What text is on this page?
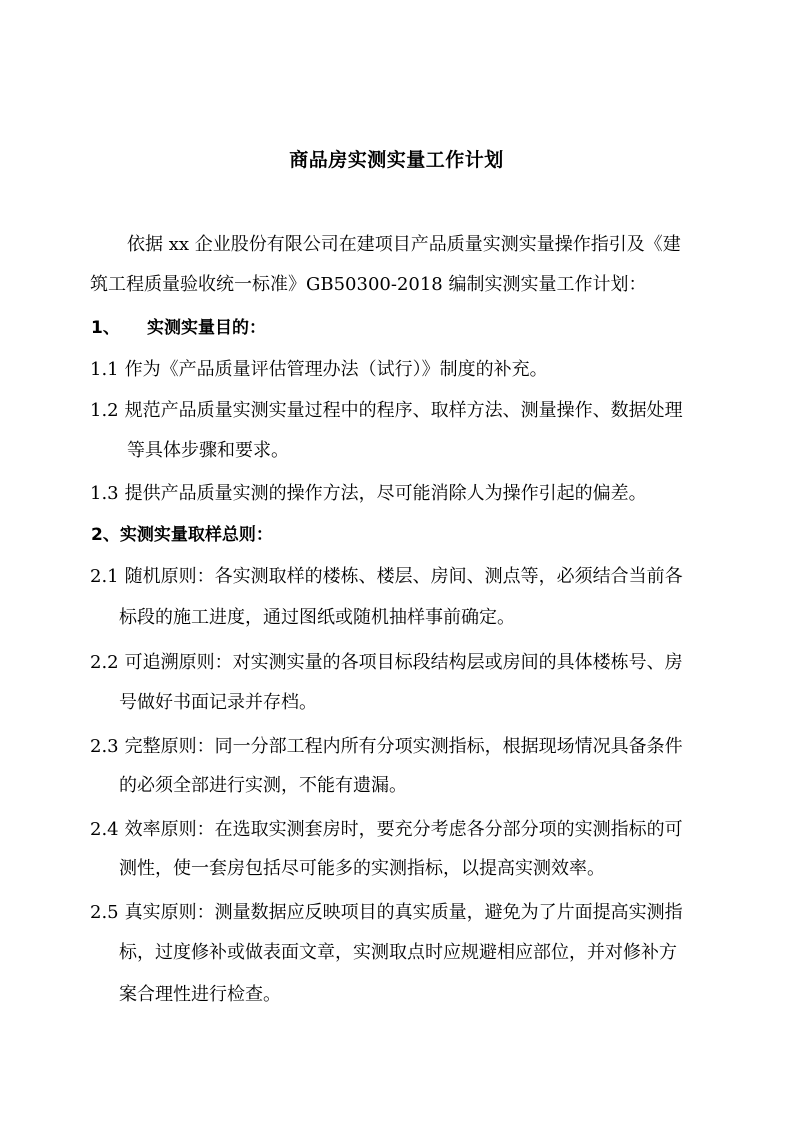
商品房实测实量工作计划
依据 xx 企业股份有限公司在建项目产品质量实测实量操作指引及《建
筑工程质量验收统一标准》GB50300-2018 编制实测实量工作计划：
1、 实测实量目的：
1.1 作为《产品质量评估管理办法（试行）》制度的补充。
1.2 规范产品质量实测实量过程中的程序、取样方法、测量操作、数据处理
等具体步骤和要求。
1.3 提供产品质量实测的操作方法，尽可能消除人为操作引起的偏差。
2、实测实量取样总则：
2.1 随机原则：各实测取样的楼栋、楼层、房间、测点等，必须结合当前各
标段的施工进度，通过图纸或随机抽样事前确定。
2.2 可追溯原则：对实测实量的各项目标段结构层或房间的具体楼栋号、房
号做好书面记录并存档。
2.3 完整原则：同一分部工程内所有分项实测指标，根据现场情况具备条件
的必须全部进行实测，不能有遗漏。
2.4 效率原则：在选取实测套房时，要充分考虑各分部分项的实测指标的可
测性，使一套房包括尽可能多的实测指标，以提高实测效率。
2.5 真实原则：测量数据应反映项目的真实质量，避免为了片面提高实测指
标，过度修补或做表面文章，实测取点时应规避相应部位，并对修补方
案合理性进行检查。
